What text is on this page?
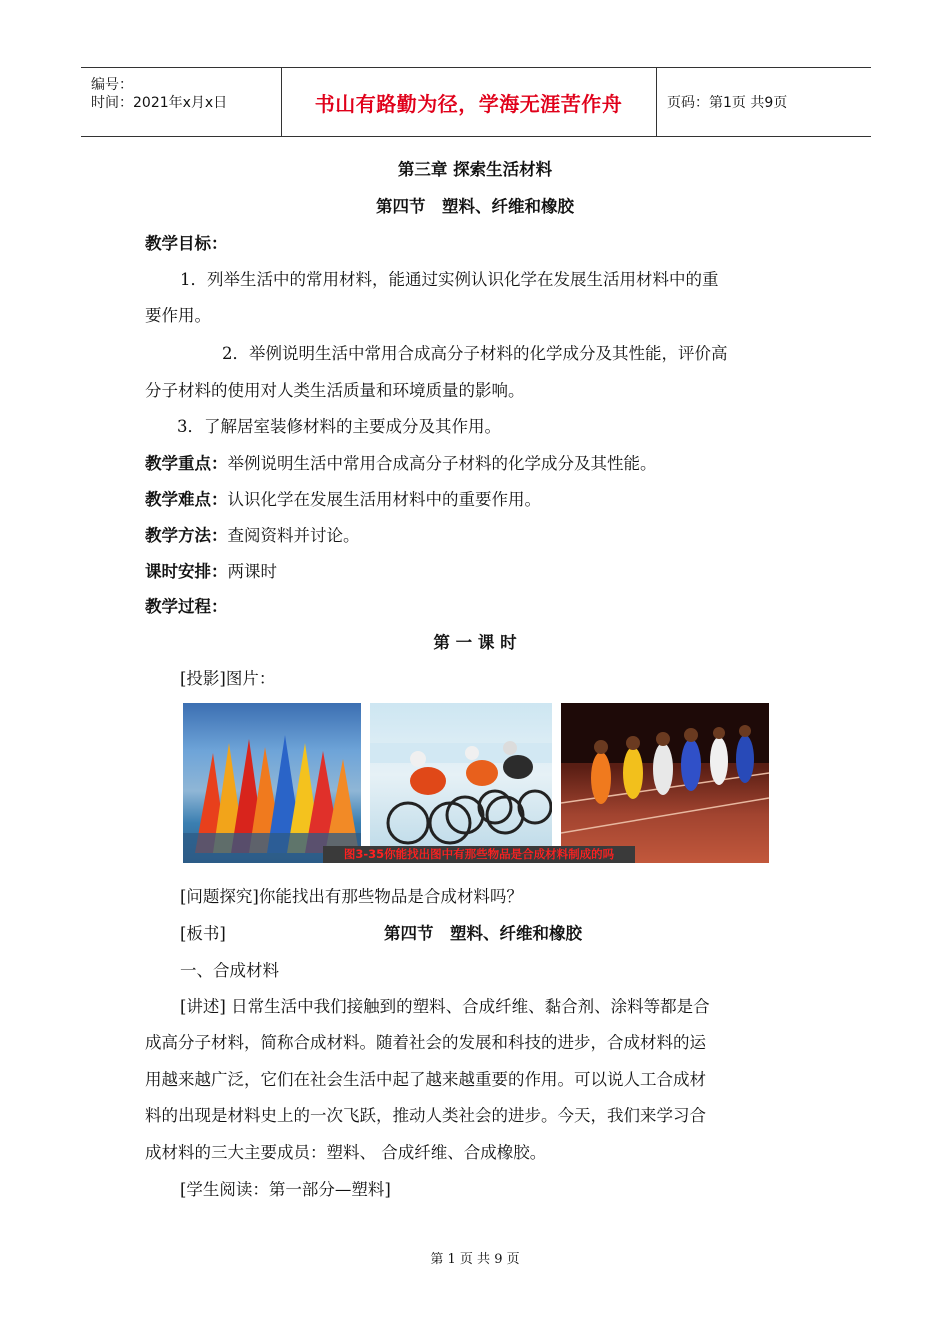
编号：
时间：2021年x月x日	书山有路勤为径，学海无涯苦作舟	页码：第1页 共9页
第三章 探索生活材料
第四节　塑料、纤维和橡胶
教学目标：
1．列举生活中的常用材料，能通过实例认识化学在发展生活用材料中的重
要作用。
2．举例说明生活中常用合成高分子材料的化学成分及其性能，评价高
分子材料的使用对人类生活质量和环境质量的影响。
3．了解居室装修材料的主要成分及其作用。
教学重点：举例说明生活中常用合成高分子材料的化学成分及其性能。
教学难点：认识化学在发展生活用材料中的重要作用。
教学方法：查阅资料并讨论。
课时安排：两课时
教学过程：
第 一 课 时
[投影]图片：
图3-35你能找出图中有那些物品是合成材料制成的吗
[问题探究]你能找出有那些物品是合成材料吗？
[板书]	第四节　塑料、纤维和橡胶
一、合成材料
[讲述] 日常生活中我们接触到的塑料、合成纤维、黏合剂、涂料等都是合
成高分子材料，简称合成材料。随着社会的发展和科技的进步，合成材料的运
用越来越广泛，它们在社会生活中起了越来越重要的作用。可以说人工合成材
料的出现是材料史上的一次飞跃，推动人类社会的进步。今天，我们来学习合
成材料的三大主要成员：塑料、 合成纤维、合成橡胶。
[学生阅读：第一部分—塑料]
第 1 页 共 9 页
